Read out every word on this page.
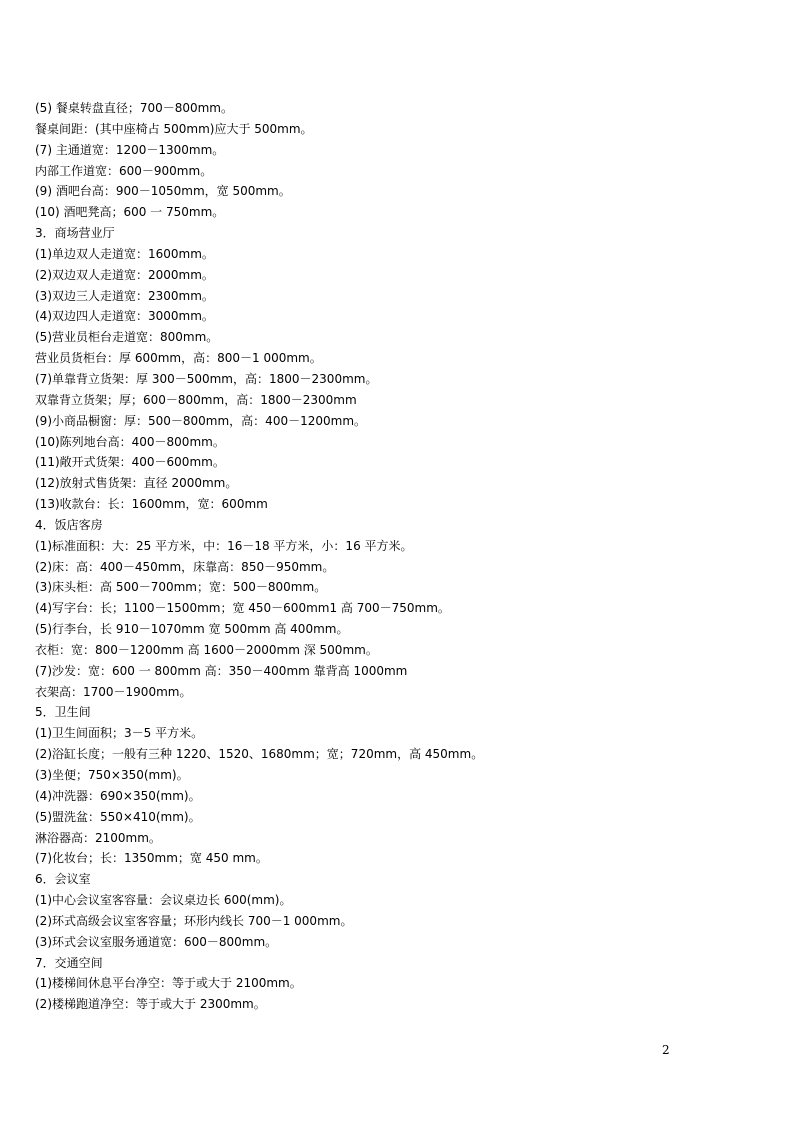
(5) 餐桌转盘直径；700－800mm。
餐桌间距：(其中座椅占 500mm)应大于 500mm。
(7) 主通道宽：1200－1300mm。
内部工作道宽：600－900mm。
(9) 酒吧台高：900－1050mm，宽 500mm。
(10) 酒吧凳高；600 一 750mm。
3．商场营业厅
(1)单边双人走道宽：1600mm。
(2)双边双人走道宽：2000mm。
(3)双边三人走道宽：2300mm。
(4)双边四人走道宽：3000mm。
(5)营业员柜台走道宽：800mm。
营业员货柜台：厚 600mm，高：800－1 000mm。
(7)单靠背立货架：厚 300－500mm，高：1800－2300mm。
双靠背立货架；厚；600－800mm，高：1800－2300mm
(9)小商品橱窗：厚：500－800mm，高：400－1200mm。
(10)陈列地台高：400－800mm。
(11)敞开式货架：400－600mm。
(12)放射式售货架：直径 2000mm。
(13)收款台：长：1600mm，宽：600mm
4．饭店客房
(1)标准面积：大：25 平方米，中：16－18 平方米，小：16 平方米。
(2)床：高：400－450mm，床靠高：850－950mm。
(3)床头柜：高 500－700mm；宽：500－800mm。
(4)写字台：长；1100－1500mm；宽 450－600mm1 高 700－750mm。
(5)行李台，长 910－1070mm 宽 500mm 高 400mm。
衣柜：宽：800－1200mm 高 1600－2000mm 深 500mm。
(7)沙发：宽：600 一 800mm 高：350－400mm 靠背高 1000mm
衣架高：1700－1900mm。
5．卫生间
(1)卫生间面积；3－5 平方米。
(2)浴缸长度；一般有三种 1220、1520、1680mm；宽；720mm，高 450mm。
(3)坐便；750×350(mm)。
(4)冲洗器：690×350(mm)。
(5)盟洗盆：550×410(mm)。
淋浴器高：2100mm。
(7)化妆台；长：1350mm；宽 450 mm。
6．会议室
(1)中心会议室客容量：会议桌边长 600(mm)。
(2)环式高级会议室客容量；环形内线长 700－1 000mm。
(3)环式会议室服务通道宽：600－800mm。
7．交通空间
(1)楼梯间休息平台净空：等于或大于 2100mm。
(2)楼梯跑道净空：等于或大于 2300mm。
2
